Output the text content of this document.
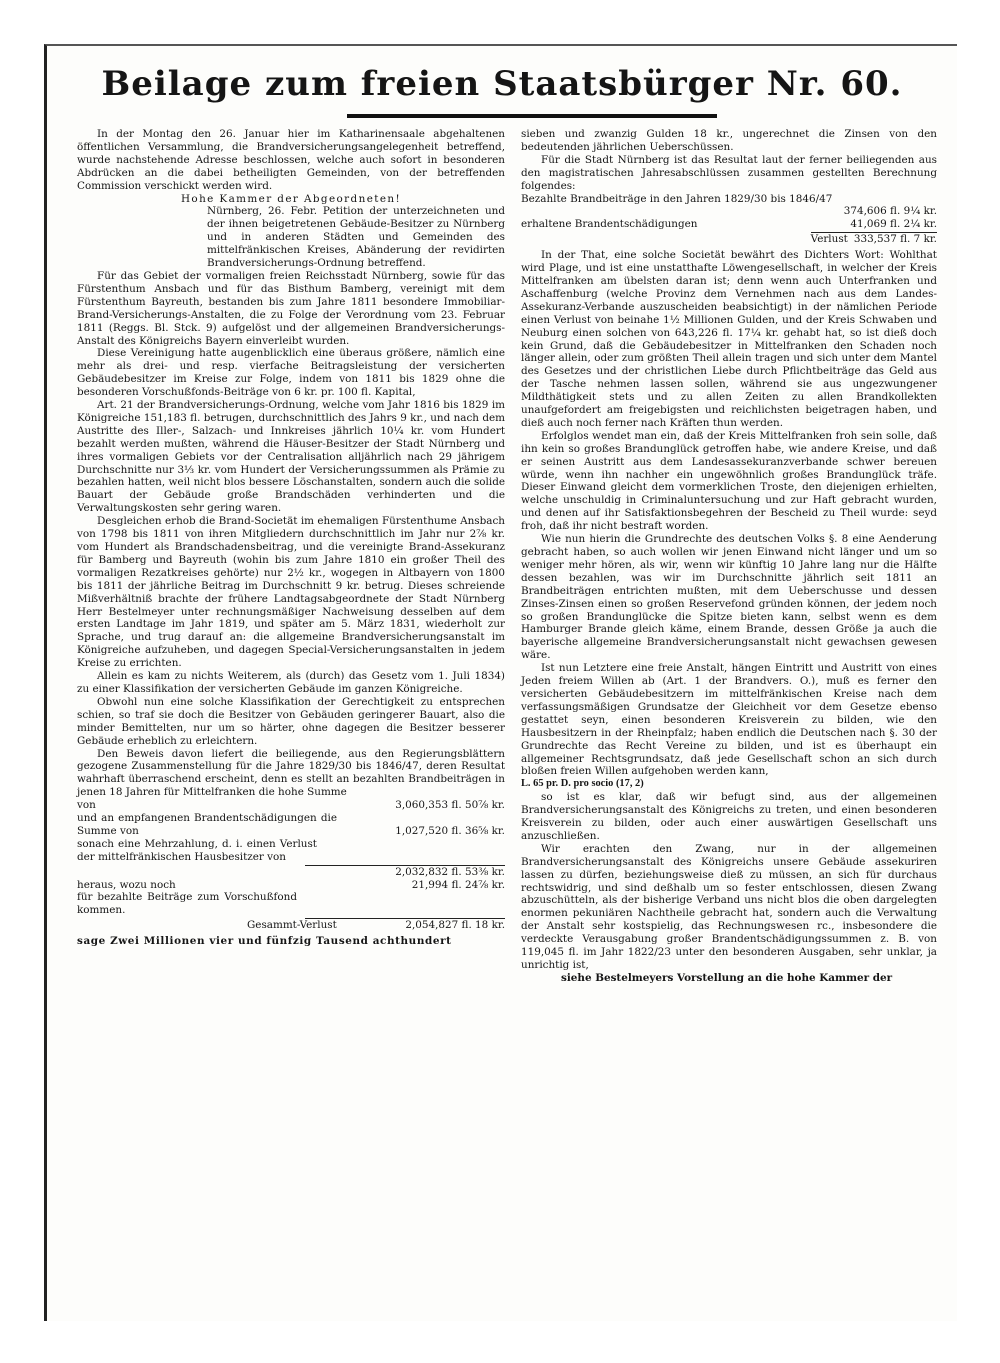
Beilage zum freien Staatsbürger Nr. 60.

In der Montag den 26. Januar hier im Katharinensaale abgehaltenen öffentlichen Versammlung, die Brandversicherungsangelegenheit betreffend, wurde nachstehende Adresse beschlossen, welche auch sofort in besonderen Abdrücken an die dabei betheiligten Gemeinden, von der betreffenden Commission verschickt werden wird.

Hohe Kammer der Abgeordneten!

Nürnberg, 26. Febr. Petition der unterzeichneten und der ihnen beigetretenen Gebäude-Besitzer zu Nürnberg und in anderen Städten und Gemeinden des mittelfränkischen Kreises, Abänderung der revidirten Brandversicherungs-Ordnung betreffend.

Für das Gebiet der vormaligen freien Reichsstadt Nürnberg, sowie für das Fürstenthum Ansbach und für das Bisthum Bamberg, vereinigt mit dem Fürstenthum Bayreuth, bestanden bis zum Jahre 1811 besondere Immobiliar-Brand-Versicherungs-Anstalten, die zu Folge der Verordnung vom 23. Februar 1811 (Reggs. Bl. Stck. 9) aufgelöst und der allgemeinen Brandversicherungs-Anstalt des Königreichs Bayern einverleibt wurden.

Diese Vereinigung hatte augenblicklich eine überaus größere, nämlich eine mehr als drei- und resp. vierfache Beitragsleistung der versicherten Gebäudebesitzer im Kreise zur Folge, indem von 1811 bis 1829 ohne die besonderen Vorschußfonds-Beiträge von 6 kr. pr. 100 fl. Kapital,

Art. 21 der Brandversicherungs-Ordnung, welche vom Jahr 1816 bis 1829 im Königreiche 151,183 fl. betrugen, durchschnittlich des Jahrs 9 kr., und nach dem Austritte des Iller-, Salzach- und Innkreises jährlich 10¼ kr. vom Hundert bezahlt werden mußten, während die Häuser-Besitzer der Stadt Nürnberg und ihres vormaligen Gebiets vor der Centralisation alljährlich nach 29 jährigem Durchschnitte nur 3⅓ kr. vom Hundert der Versicherungssummen als Prämie zu bezahlen hatten, weil nicht blos bessere Löschanstalten, sondern auch die solide Bauart der Gebäude große Brandschäden verhinderten und die Verwaltungskosten sehr gering waren.

Desgleichen erhob die Brand-Societät im ehemaligen Fürstenthume Ansbach von 1798 bis 1811 von ihren Mitgliedern durchschnittlich im Jahr nur 2⅞ kr. vom Hundert als Brandschadensbeitrag, und die vereinigte Brand-Assekuranz für Bamberg und Bayreuth (wohin bis zum Jahre 1810 ein großer Theil des vormaligen Rezatkreises gehörte) nur 2½ kr., wogegen in Altbayern von 1800 bis 1811 der jährliche Beitrag im Durchschnitt 9 kr. betrug. Dieses schreiende Mißverhältniß brachte der frühere Landtagsabgeordnete der Stadt Nürnberg Herr Bestelmeyer unter rechnungsmäßiger Nachweisung desselben auf dem ersten Landtage im Jahr 1819, und später am 5. März 1831, wiederholt zur Sprache, und trug darauf an: die allgemeine Brandversicherungsanstalt im Königreiche aufzuheben, und dagegen Special-Versicherungsanstalten in jedem Kreise zu errichten.

Allein es kam zu nichts Weiterem, als (durch) das Gesetz vom 1. Juli 1834) zu einer Klassifikation der versicherten Gebäude im ganzen Königreiche.

Obwohl nun eine solche Klassifikation der Gerechtigkeit zu entsprechen schien, so traf sie doch die Besitzer von Gebäuden geringerer Bauart, also die minder Bemittelten, nur um so härter, ohne dagegen die Besitzer besserer Gebäude erheblich zu erleichtern.

Den Beweis davon liefert die beiliegende, aus den Regierungsblättern gezogene Zusammenstellung für die Jahre 1829/30 bis 1846/47, deren Resultat wahrhaft überraschend erscheint, denn es stellt an bezahlten Brandbeiträgen in jenen 18 Jahren für Mittelfranken die hohe Summe

von	3,060,353 fl. 50⅞ kr.
und an empfangenen Brandentschädigungen die Summe von	1,027,520 fl. 36⅝ kr.
sonach eine Mehrzahlung, d. i. einen Verlust der mittelfränkischen Hausbesitzer von
2,032,832 fl. 53⅜ kr.
heraus, wozu noch	21,994 fl. 24⅞ kr.
für bezahlte Beiträge zum Vorschußfond kommen.
Gesammt-Verlust	2,054,827 fl. 18 kr.

sage Zwei Millionen vier und fünfzig Tausend achthundert

sieben und zwanzig Gulden 18 kr., ungerechnet die Zinsen von den bedeutenden jährlichen Ueberschüssen.

Für die Stadt Nürnberg ist das Resultat laut der ferner beiliegenden aus den magistratischen Jahresabschlüssen zusammen gestellten Berechnung folgendes:

Bezahlte Brandbeiträge in den Jahren 1829/30 bis 1846/47
374,606 fl. 9¼ kr.
erhaltene Brandentschädigungen	41,069 fl. 2¼ kr.
Verlust 333,537 fl. 7 kr.

In der That, eine solche Societät bewährt des Dichters Wort: Wohlthat wird Plage, und ist eine unstatthafte Löwengesellschaft, in welcher der Kreis Mittelfranken am übelsten daran ist; denn wenn auch Unterfranken und Aschaffenburg (welche Provinz dem Vernehmen nach aus dem Landes-Assekuranz-Verbande auszuscheiden beabsichtigt) in der nämlichen Periode einen Verlust von beinahe 1½ Millionen Gulden, und der Kreis Schwaben und Neuburg einen solchen von 643,226 fl. 17¼ kr. gehabt hat, so ist dieß doch kein Grund, daß die Gebäudebesitzer in Mittelfranken den Schaden noch länger allein, oder zum größten Theil allein tragen und sich unter dem Mantel des Gesetzes und der christlichen Liebe durch Pflichtbeiträge das Geld aus der Tasche nehmen lassen sollen, während sie aus ungezwungener Mildthätigkeit stets und zu allen Zeiten zu allen Brandkollekten unaufgefordert am freigebigsten und reichlichsten beigetragen haben, und dieß auch noch ferner nach Kräften thun werden.

Erfolglos wendet man ein, daß der Kreis Mittelfranken froh sein solle, daß ihn kein so großes Brandunglück getroffen habe, wie andere Kreise, und daß er seinen Austritt aus dem Landesassekuranzverbande schwer bereuen würde, wenn ihn nachher ein ungewöhnlich großes Brandunglück träfe. Dieser Einwand gleicht dem vormerklichen Troste, den diejenigen erhielten, welche unschuldig in Criminaluntersuchung und zur Haft gebracht wurden, und denen auf ihr Satisfaktionsbegehren der Bescheid zu Theil wurde: seyd froh, daß ihr nicht bestraft worden.

Wie nun hierin die Grundrechte des deutschen Volks §. 8 eine Aenderung gebracht haben, so auch wollen wir jenen Einwand nicht länger und um so weniger mehr hören, als wir, wenn wir künftig 10 Jahre lang nur die Hälfte dessen bezahlen, was wir im Durchschnitte jährlich seit 1811 an Brandbeiträgen entrichten mußten, mit dem Ueberschusse und dessen Zinses-Zinsen einen so großen Reservefond gründen können, der jedem noch so großen Brandunglücke die Spitze bieten kann, selbst wenn es dem Hamburger Brande gleich käme, einem Brande, dessen Größe ja auch die bayerische allgemeine Brandversicherungsanstalt nicht gewachsen gewesen wäre.

Ist nun Letztere eine freie Anstalt, hängen Eintritt und Austritt von eines Jeden freiem Willen ab (Art. 1 der Brandvers. O.), muß es ferner den versicherten Gebäudebesitzern im mittelfränkischen Kreise nach dem verfassungsmäßigen Grundsatze der Gleichheit vor dem Gesetze ebenso gestattet seyn, einen besonderen Kreisverein zu bilden, wie den Hausbesitzern in der Rheinpfalz; haben endlich die Deutschen nach §. 30 der Grundrechte das Recht Vereine zu bilden, und ist es überhaupt ein allgemeiner Rechtsgrundsatz, daß jede Gesellschaft schon an sich durch bloßen freien Willen aufgehoben werden kann,

L. 65 pr. D. pro socio (17, 2)

so ist es klar, daß wir befugt sind, aus der allgemeinen Brandversicherungsanstalt des Königreichs zu treten, und einen besonderen Kreisverein zu bilden, oder auch einer auswärtigen Gesellschaft uns anzuschließen.

Wir erachten den Zwang, nur in der allgemeinen Brandversicherungsanstalt des Königreichs unsere Gebäude assekuriren lassen zu dürfen, beziehungsweise dieß zu müssen, an sich für durchaus rechtswidrig, und sind deßhalb um so fester entschlossen, diesen Zwang abzuschütteln, als der bisherige Verband uns nicht blos die oben dargelegten enormen pekuniären Nachtheile gebracht hat, sondern auch die Verwaltung der Anstalt sehr kostspielig, das Rechnungswesen rc., insbesondere die verdeckte Verausgabung großer Brandentschädigungssummen z. B. von 119,045 fl. im Jahr 1822/23 unter den besonderen Ausgaben, sehr unklar, ja unrichtig ist,

siehe Bestelmeyers Vorstellung an die hohe Kammer der
